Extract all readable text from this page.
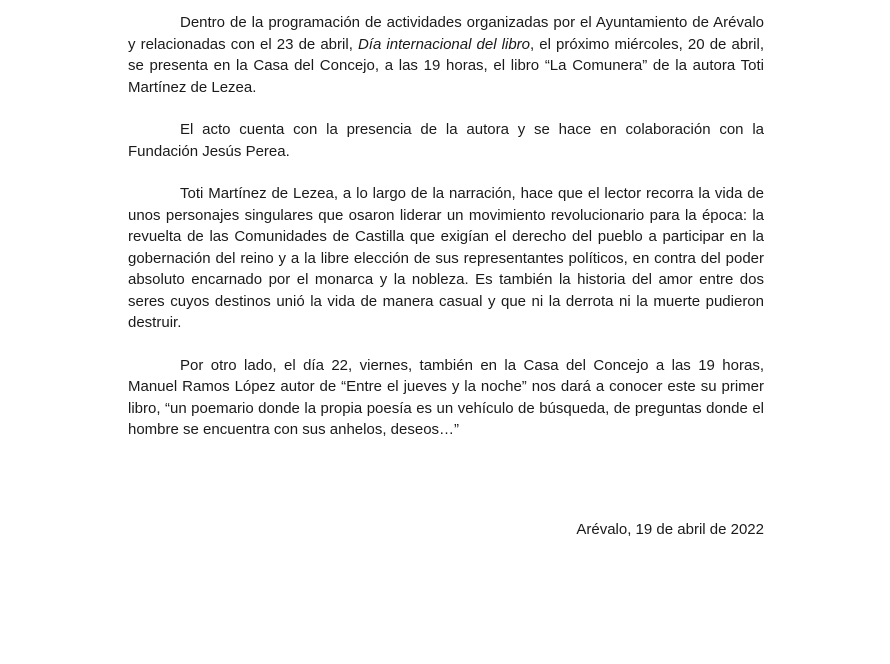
Dentro de la programación de actividades organizadas por el Ayuntamiento de Arévalo y relacionadas con el 23 de abril, Día internacional del libro, el próximo miércoles, 20 de abril, se presenta en la Casa del Concejo, a las 19 horas, el libro “La Comunera” de la autora Toti Martínez de Lezea.

El acto cuenta con la presencia de la autora y se hace en colaboración con la Fundación Jesús Perea.

Toti Martínez de Lezea, a lo largo de la narración, hace que el lector recorra la vida de unos personajes singulares que osaron liderar un movimiento revolucionario para la época: la revuelta de las Comunidades de Castilla que exigían el derecho del pueblo a participar en la gobernación del reino y a la libre elección de sus representantes políticos, en contra del poder absoluto encarnado por el monarca y la nobleza. Es también la historia del amor entre dos seres cuyos destinos unió la vida de manera casual y que ni la derrota ni la muerte pudieron destruir.

Por otro lado, el día 22, viernes, también en la Casa del Concejo a las 19 horas, Manuel Ramos López autor de “Entre el jueves y la noche” nos dará a conocer este su primer libro, “un poemario donde la propia poesía es un vehículo de búsqueda, de preguntas donde el hombre se encuentra con sus anhelos, deseos…”

Arévalo, 19 de abril de 2022
